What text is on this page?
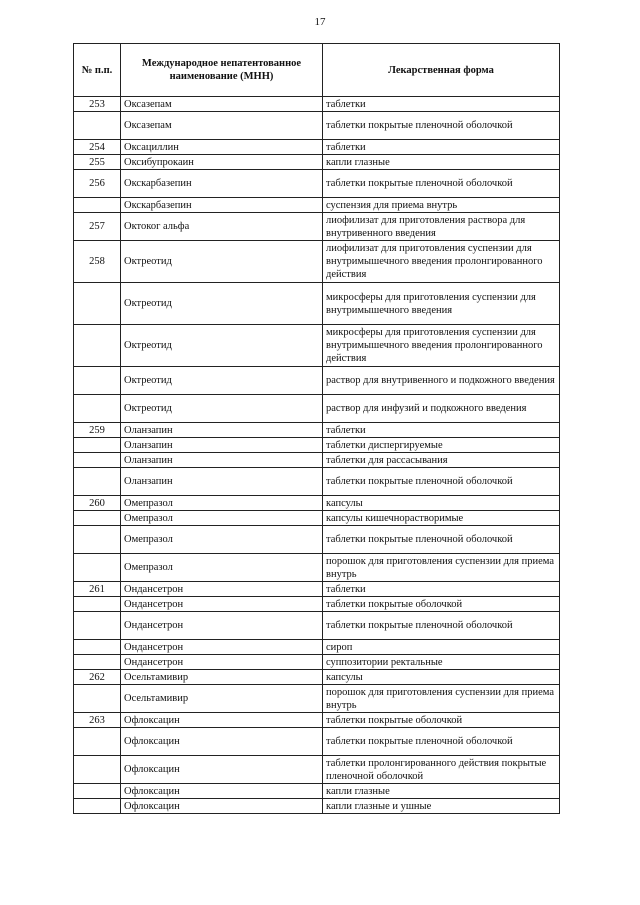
17
№ п.п.	Международное непатентованное наименование (МНН)	Лекарственная форма
253	Оксазепам	таблетки
	Оксазепам	таблетки покрытые пленочной оболочкой
254	Оксациллин	таблетки
255	Оксибупрокаин	капли глазные
256	Окскарбазепин	таблетки покрытые пленочной оболочкой
	Окскарбазепин	суспензия для приема внутрь
257	Октоког альфа	лиофилизат для приготовления раствора для внутривенного введения
258	Октреотид	лиофилизат для приготовления суспензии для внутримышечного введения пролонгированного действия
	Октреотид	микросферы для приготовления суспензии для внутримышечного введения
	Октреотид	микросферы для приготовления суспензии для внутримышечного введения пролонгированного действия
	Октреотид	раствор для внутривенного и подкожного введения
	Октреотид	раствор для инфузий и подкожного введения
259	Оланзапин	таблетки
	Оланзапин	таблетки диспергируемые
	Оланзапин	таблетки для рассасывания
	Оланзапин	таблетки покрытые пленочной оболочкой
260	Омепразол	капсулы
	Омепразол	капсулы кишечнорастворимые
	Омепразол	таблетки покрытые пленочной оболочкой
	Омепразол	порошок для приготовления суспензии для приема внутрь
261	Ондансетрон	таблетки
	Ондансетрон	таблетки покрытые оболочкой
	Ондансетрон	таблетки покрытые пленочной оболочкой
	Ондансетрон	сироп
	Ондансетрон	суппозитории ректальные
262	Осельтамивир	капсулы
	Осельтамивир	порошок для приготовления суспензии для приема внутрь
263	Офлоксацин	таблетки покрытые оболочкой
	Офлоксацин	таблетки покрытые пленочной оболочкой
	Офлоксацин	таблетки пролонгированного действия покрытые пленочной оболочкой
	Офлоксацин	капли глазные
	Офлоксацин	капли глазные и ушные
